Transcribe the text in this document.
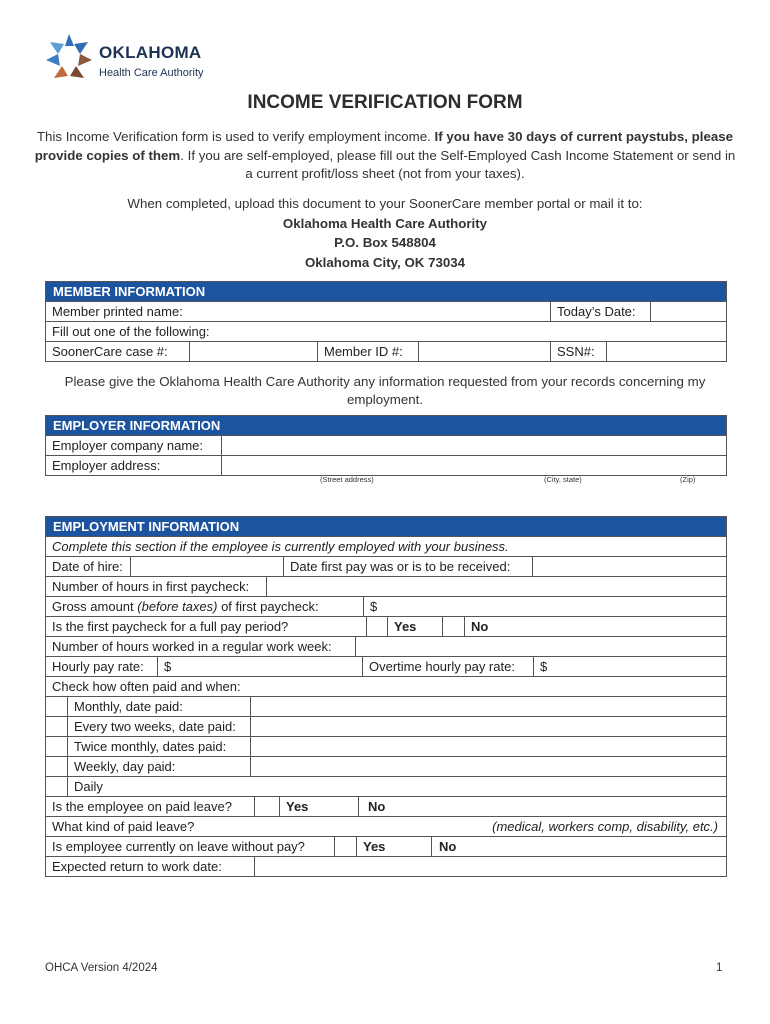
OKLAHOMA
Health Care Authority
INCOME VERIFICATION FORM
This Income Verification form is used to verify employment income. If you have 30 days of current paystubs, please provide copies of them. If you are self-employed, please fill out the Self-Employed Cash Income Statement or send in a current profit/loss sheet (not from your taxes).
When completed, upload this document to your SoonerCare member portal or mail it to:
Oklahoma Health Care Authority
P.O. Box 548804
Oklahoma City, OK 73034
MEMBER INFORMATION
Member printed name:	Today’s Date:
Fill out one of the following:
SoonerCare case #:	Member ID #:	SSN#:
Please give the Oklahoma Health Care Authority any information requested from your records concerning my employment.
EMPLOYER INFORMATION
Employer company name:
Employer address:
(Street address)	(City, state)	(Zip)
EMPLOYMENT INFORMATION
Complete this section if the employee is currently employed with your business.
Date of hire:	Date first pay was or is to be received:
Number of hours in first paycheck:
Gross amount (before taxes) of first paycheck:	$
Is the first paycheck for a full pay period?	Yes	No
Number of hours worked in a regular work week:
Hourly pay rate:	$	Overtime hourly pay rate:	$
Check how often paid and when:
Monthly, date paid:
Every two weeks, date paid:
Twice monthly, dates paid:
Weekly, day paid:
Daily
Is the employee on paid leave?	Yes	No
What kind of paid leave?	(medical, workers comp, disability, etc.)
Is employee currently on leave without pay?	Yes	No
Expected return to work date:
OHCA Version 4/2024	1
